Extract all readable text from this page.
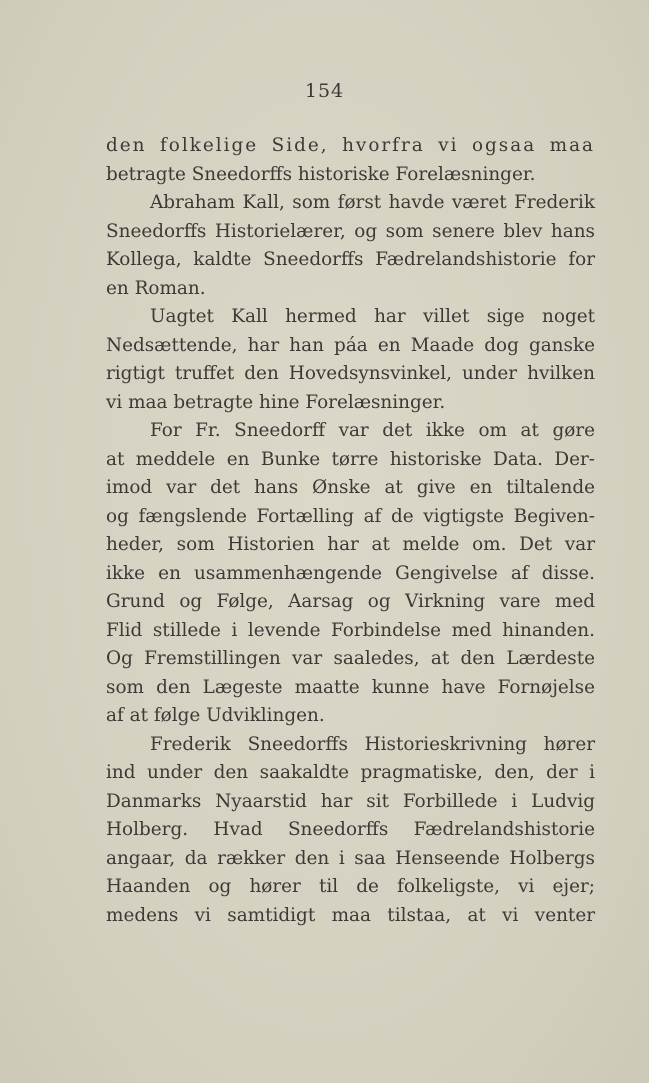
154
den folkelige Side, hvorfra vi ogsaa maa
betragte Sneedorffs historiske Forelæsninger.
Abraham Kall, som først havde været Frederik
Sneedorffs Historielærer, og som senere blev hans
Kollega, kaldte Sneedorffs Fædrelandshistorie for
en Roman.
Uagtet Kall hermed har villet sige noget
Nedsættende, har han páa en Maade dog ganske
rigtigt truffet den Hovedsynsvinkel, under hvilken
vi maa betragte hine Forelæsninger.
For Fr. Sneedorff var det ikke om at gøre
at meddele en Bunke tørre historiske Data. Der-
imod var det hans Ønske at give en tiltalende
og fængslende Fortælling af de vigtigste Begiven-
heder, som Historien har at melde om. Det var
ikke en usammenhængende Gengivelse af disse.
Grund og Følge, Aarsag og Virkning vare med
Flid stillede i levende Forbindelse med hinanden.
Og Fremstillingen var saaledes, at den Lærdeste
som den Lægeste maatte kunne have Fornøjelse
af at følge Udviklingen.
Frederik Sneedorffs Historieskrivning hører
ind under den saakaldte pragmatiske, den, der i
Danmarks Nyaarstid har sit Forbillede i Ludvig
Holberg. Hvad Sneedorffs Fædrelandshistorie
angaar, da rækker den i saa Henseende Holbergs
Haanden og hører til de folkeligste, vi ejer;
medens vi samtidigt maa tilstaa, at vi venter
